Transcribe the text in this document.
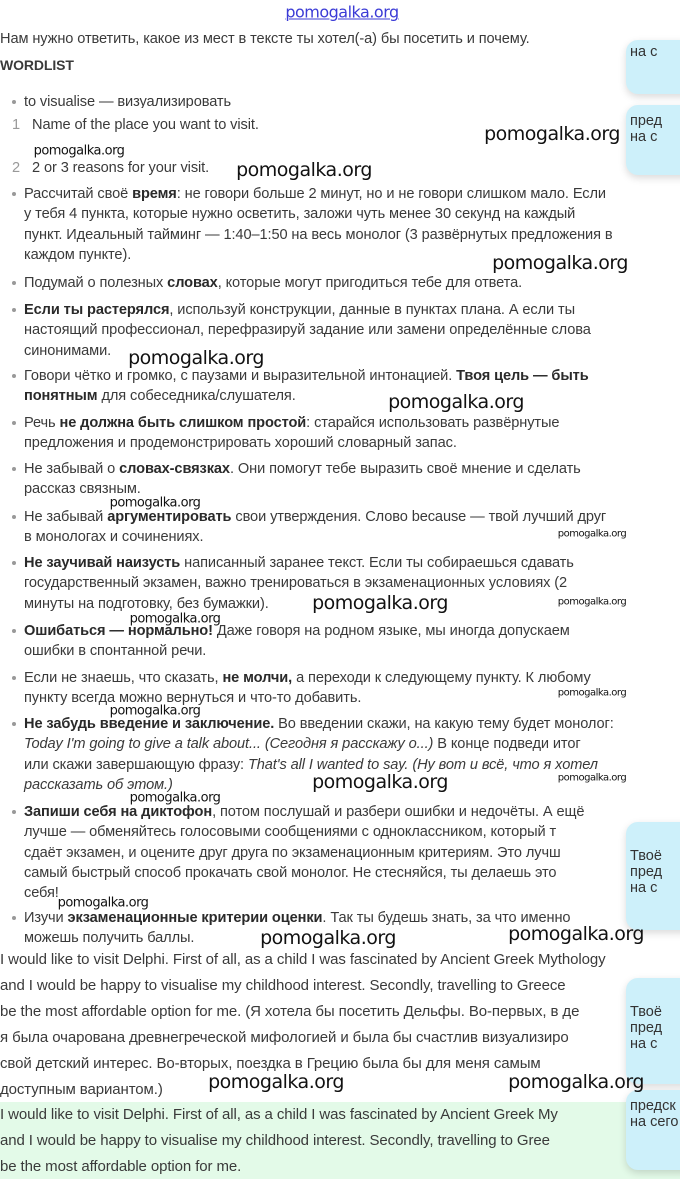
pomogalka.org
Нам нужно ответить, какое из мест в тексте ты хотел(-а) бы посетить и почему.
WORDLIST
to visualise — визуализировать
1 Name of the place you want to visit.
2 2 or 3 reasons for your visit.
Рассчитай своё время: не говори больше 2 минут, но и не говори слишком мало. Если
у тебя 4 пункта, которые нужно осветить, заложи чуть менее 30 секунд на каждый
пункт. Идеальный тайминг — 1:40–1:50 на весь монолог (3 развёрнутых предложения в
каждом пункте).
Подумай о полезных словах, которые могут пригодиться тебе для ответа.
Если ты растерялся, используй конструкции, данные в пунктах плана. А если ты
настоящий профессионал, перефразируй задание или замени определённые слова
синонимами.
Говори чётко и громко, с паузами и выразительной интонацией. Твоя цель — быть
понятным для собеседника/слушателя.
Речь не должна быть слишком простой: старайся использовать развёрнутые
предложения и продемонстрировать хороший словарный запас.
Не забывай о словах-связках. Они помогут тебе выразить своё мнение и сделать
рассказ связным.
Не забывай аргументировать свои утверждения. Слово because — твой лучший друг
в монологах и сочинениях.
Не заучивай наизусть написанный заранее текст. Если ты собираешься сдавать
государственный экзамен, важно тренироваться в экзаменационных условиях (2
минуты на подготовку, без бумажки).
Ошибаться — нормально! Даже говоря на родном языке, мы иногда допускаем
ошибки в спонтанной речи.
Если не знаешь, что сказать, не молчи, а переходи к следующему пункту. К любому
пункту всегда можно вернуться и что-то добавить.
Не забудь введение и заключение. Во введении скажи, на какую тему будет монолог:
Today I'm going to give a talk about... (Сегодня я расскажу о...) В конце подведи итог
или скажи завершающую фразу: That's all I wanted to say. (Ну вот и всё, что я хотел
рассказать об этом.)
Запиши себя на диктофон, потом послушай и разбери ошибки и недочёты. А ещё
лучше — обменяйтесь голосовыми сообщениями с одноклассником, который т
сдаёт экзамен, и оцените друг друга по экзаменационным критериям. Это лучш
самый быстрый способ прокачать свой монолог. Не стесняйся, ты делаешь это
себя!
Изучи экзаменационные критерии оценки. Так ты будешь знать, за что именно
можешь получить баллы.
I would like to visit Delphi. First of all, as a child I was fascinated by Ancient Greek Mythology
and I would be happy to visualise my childhood interest. Secondly, travelling to Greece
be the most affordable option for me. (Я хотела бы посетить Дельфы. Во-первых, в де
я была очарована древнегреческой мифологией и была бы счастлив визуализиро
свой детский интерес. Во-вторых, поездка в Грецию была бы для меня самым
доступным вариантом.)
I would like to visit Delphi. First of all, as a child I was fascinated by Ancient Greek My
and I would be happy to visualise my childhood interest. Secondly, travelling to Gree
be the most affordable option for me.
на с
пред
на с
Твоё
пред
на с
Твоё
пред
на с
предск
на сего
pomogalka.org
pomogalka.org
pomogalka.org
pomogalka.org
pomogalka.org
pomogalka.org
pomogalka.org
pomogalka.org	pomogalka.org
pomogalka.org	pomogalka.org
pomogalka.org
pomogalka.org
pomogalka.org
pomogalka.org
pomogalka.org
pomogalka.org
pomogalka.org
pomogalka.org
pomogalka.org
pomogalka.org
